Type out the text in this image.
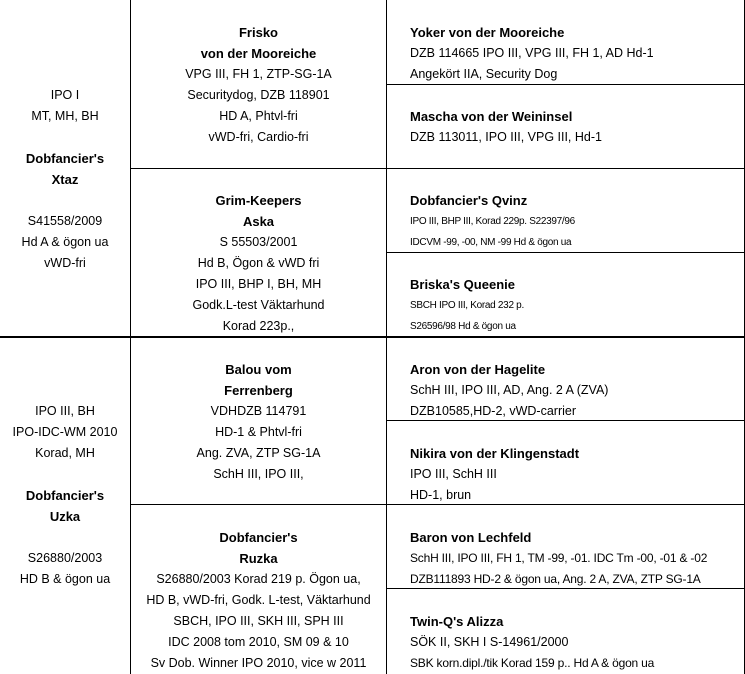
IPO I
MT, MH, BH
Dobfancier's
Xtaz
S41558/2009
Hd A & ögon ua
vWD-fri
Frisko
von der Mooreiche
VPG III, FH 1, ZTP-SG-1A
Securitydog, DZB 118901
HD A, Phtvl-fri
vWD-fri, Cardio-fri
Grim-Keepers
Aska
S 55503/2001
Hd B, Ögon & vWD fri
IPO III, BHP I, BH, MH
Godk.L-test Väktarhund
Korad 223p.,
Yoker von der Mooreiche
DZB 114665 IPO III, VPG III, FH 1, AD Hd-1
Angekört IIA, Security Dog
Mascha von der Weininsel
DZB 113011, IPO III, VPG III, Hd-1
Dobfancier's Qvinz
IPO III, BHP III, Korad 229p. S22397/96
IDCVM -99, -00, NM -99 Hd & ögon ua
Briska's Queenie
SBCH IPO III, Korad 232 p.
S26596/98 Hd & ögon ua
IPO III, BH
IPO-IDC-WM 2010
Korad, MH
Dobfancier's
Uzka
S26880/2003
HD B & ögon ua
Balou vom
Ferrenberg
VDHDZB 114791
HD-1 & Phtvl-fri
Ang. ZVA, ZTP SG-1A
SchH III, IPO III,
Dobfancier's
Ruzka
S26880/2003 Korad 219 p. Ögon ua,
HD B, vWD-fri, Godk. L-test, Väktarhund
SBCH, IPO III, SKH III, SPH III
IDC 2008 tom 2010, SM 09 & 10
Sv Dob. Winner IPO 2010, vice w 2011
Aron von der Hagelite
SchH III, IPO III, AD, Ang. 2 A (ZVA)
DZB10585,HD-2, vWD-carrier
Nikira von der Klingenstadt
IPO III, SchH III
HD-1, brun
Baron von Lechfeld
SchH III, IPO III, FH 1, TM -99, -01. IDC Tm -00, -01 & -02
DZB111893 HD-2 & ögon ua, Ang. 2 A, ZVA, ZTP SG-1A
Twin-Q's Alizza
SÖK II, SKH I S-14961/2000
SBK korn.dipl./tik Korad 159 p.. Hd A & ögon ua
